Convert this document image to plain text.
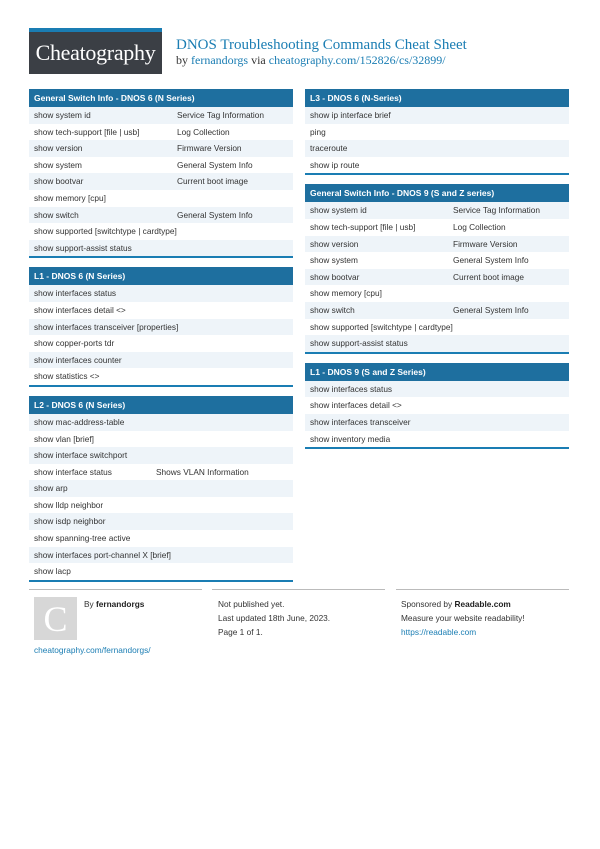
Cheatography	DNOS Troubleshooting Commands Cheat Sheet
by fernandorgs via cheatography.com/152826/cs/32899/
General Switch Info - DNOS 6 (N Series)
show system id	Service Tag Information
show tech-support [file | usb]	Log Collection
show version	Firmware Version
show system	General System Info
show bootvar	Current boot image
show memory [cpu]
show switch	General System Info
show supported [switchtype | cardtype]
show support-assist status
L1 - DNOS 6 (N Series)
show interfaces status
show interfaces detail <>
show interfaces transceiver [properties]
show copper-ports tdr
show interfaces counter
show statistics <>
L2 - DNOS 6 (N Series)
show mac-address-table
show vlan [brief]
show interface switchport
show interface status	Shows VLAN Information
show arp
show lldp neighbor
show isdp neighbor
show spanning-tree active
show interfaces port-channel X [brief]
show lacp
L3 - DNOS 6 (N-Series)
show ip interface brief
ping
traceroute
show ip route
General Switch Info - DNOS 9 (S and Z series)
show system id	Service Tag Information
show tech-support [file | usb]	Log Collection
show version	Firmware Version
show system	General System Info
show bootvar	Current boot image
show memory [cpu]
show switch	General System Info
show supported [switchtype | cardtype]
show support-assist status
L1 - DNOS 9 (S and Z Series)
show interfaces status
show interfaces detail <>
show interfaces transceiver
show inventory media
C	By fernandorgs
cheatography.com/fernandorgs/
Not published yet.
Last updated 18th June, 2023.
Page 1 of 1.
Sponsored by Readable.com
Measure your website readability!
https://readable.com
